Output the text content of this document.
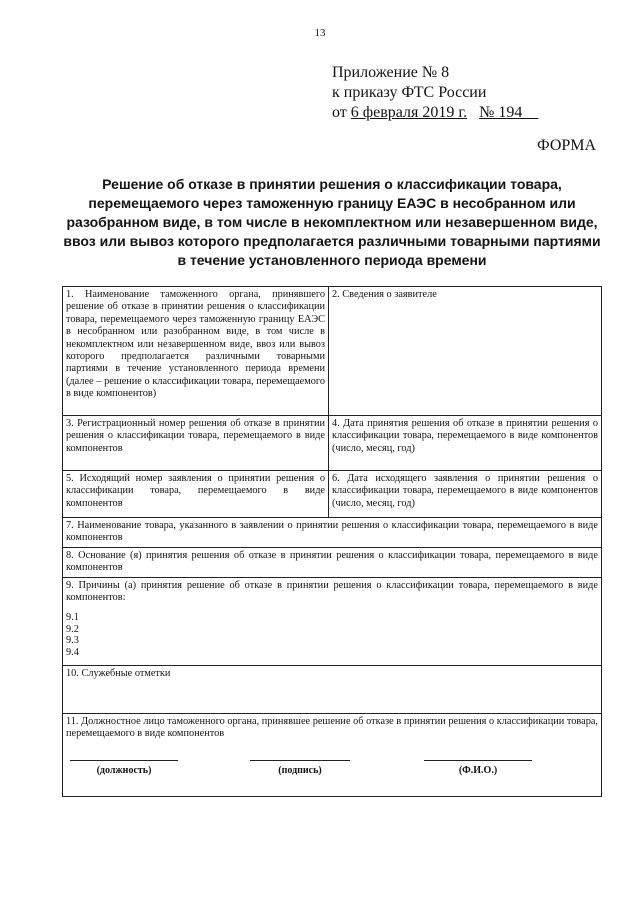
13
Приложение № 8
к приказу ФТС России
от 6 февраля 2019 г. № 194
ФОРМА
Решение об отказе в принятии решения о классификации товара, перемещаемого через таможенную границу ЕАЭС в несобранном или разобранном виде, в том числе в некомплектном или незавершенном виде, ввоз или вывоз которого предполагается различными товарными партиями в течение установленного периода времени
1. Наименование таможенного органа, принявшего решение об отказе в принятии решения о классификации товара, перемещаемого через таможенную границу ЕАЭС в несобранном или разобранном виде, в том числе в некомплектном или незавершенном виде, ввоз или вывоз которого предполагается различными товарными партиями в течение установленного периода времени (далее – решение о классификации товара, перемещаемого в виде компонентов)	2. Сведения о заявителе
3. Регистрационный номер решения об отказе в принятии решения о классификации товара, перемещаемого в виде компонентов	4. Дата принятия решения об отказе в принятии решения о классификации товара, перемещаемого в виде компонентов (число, месяц, год)
5. Исходящий номер заявления о принятии решения о классификации товара, перемещаемого в виде компонентов	6. Дата исходящего заявления о принятии решения о классификации товара, перемещаемого в виде компонентов (число, месяц, год)
7. Наименование товара, указанного в заявлении о принятии решения о классификации товара, перемещаемого в виде компонентов	
8. Основание (я) принятия решения об отказе в принятии решения о классификации товара, перемещаемого в виде компонентов	

9. Причины (а) принятия решение об отказе в принятии решения о классификации товара, перемещаемого в виде компонентов:
9.1
9.2
9.3
9.4	

10. Служебные отметки	

11. Должностное лицо таможенного органа, принявшее решение об отказе в принятии решения о классификации товара, перемещаемого в виде компонентов
(должность) (подпись) (Ф.И.О.)	
